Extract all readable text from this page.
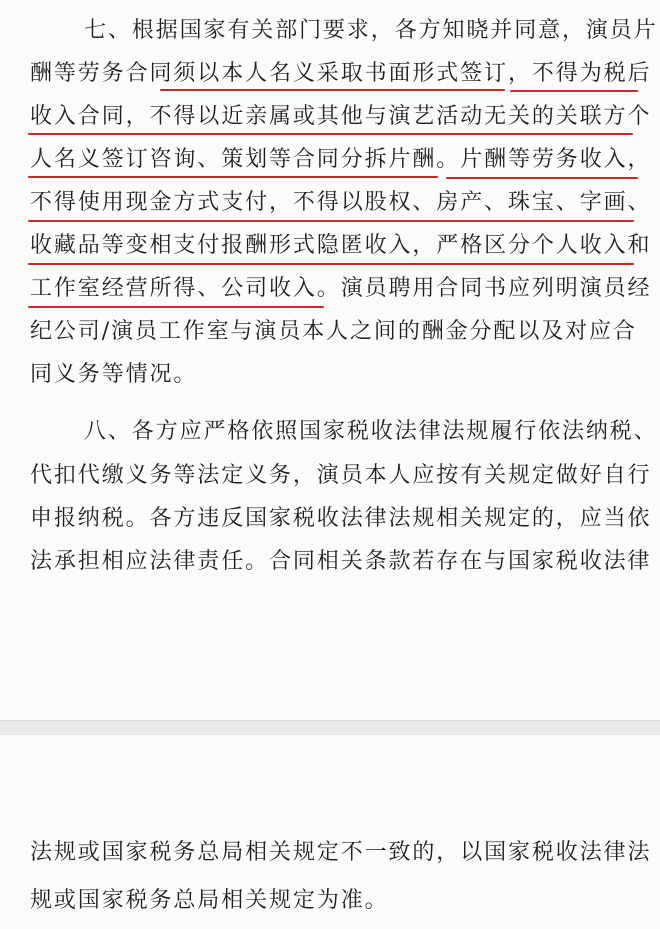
七、根据国家有关部门要求，各方知晓并同意，演员片
酬等劳务合同须以本人名义采取书面形式签订，不得为税后
收入合同，不得以近亲属或其他与演艺活动无关的关联方个
人名义签订咨询、策划等合同分拆片酬。片酬等劳务收入，
不得使用现金方式支付，不得以股权、房产、珠宝、字画、
收藏品等变相支付报酬形式隐匿收入，严格区分个人收入和
工作室经营所得、公司收入。演员聘用合同书应列明演员经
纪公司/演员工作室与演员本人之间的酬金分配以及对应合
同义务等情况。
八、各方应严格依照国家税收法律法规履行依法纳税、
代扣代缴义务等法定义务，演员本人应按有关规定做好自行
申报纳税。各方违反国家税收法律法规相关规定的，应当依
法承担相应法律责任。合同相关条款若存在与国家税收法律
法规或国家税务总局相关规定不一致的，以国家税收法律法
规或国家税务总局相关规定为准。
